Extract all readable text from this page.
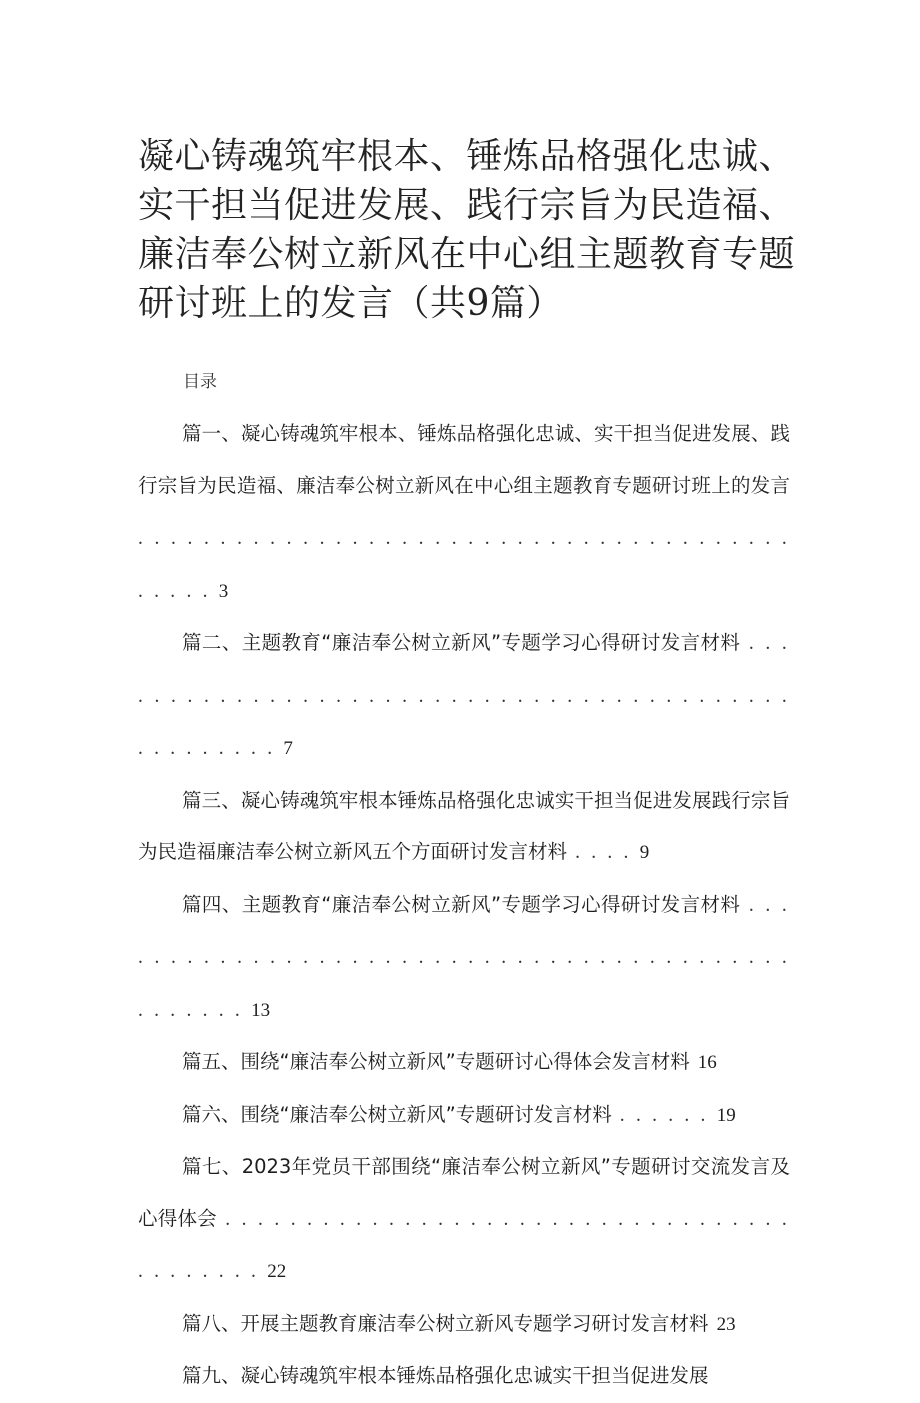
凝心铸魂筑牢根本、锤炼品格强化忠诚、实干担当促进发展、践行宗旨为民造福、廉洁奉公树立新风在中心组主题教育专题研讨班上的发言（共9篇）

目录

篇一、凝心铸魂筑牢根本、锤炼品格强化忠诚、实干担当促进发展、践行宗旨为民造福、廉洁奉公树立新风在中心组主题教育专题研讨班上的发言 . . . . . . . . . . . . . . . . . . . . . . . . . . . . . . . . . . . . . . . . . . . . . 3
篇二、主题教育“廉洁奉公树立新风”专题学习心得研讨发言材料 . . . . . . . . . . . . . . . . . . . . . . . . . . . . . . . . . . . . . . . . . . . . . . . . . . . . 7
篇三、凝心铸魂筑牢根本锤炼品格强化忠诚实干担当促进发展践行宗旨为民造福廉洁奉公树立新风五个方面研讨发言材料 . . . . 9
篇四、主题教育“廉洁奉公树立新风”专题学习心得研讨发言材料 . . . . . . . . . . . . . . . . . . . . . . . . . . . . . . . . . . . . . . . . . . . . . . . . . . 13
篇五、围绕“廉洁奉公树立新风”专题研讨心得体会发言材料 16
篇六、围绕“廉洁奉公树立新风”专题研讨发言材料 . . . . . . 19
篇七、2023年党员干部围绕“廉洁奉公树立新风”专题研讨交流发言及心得体会 . . . . . . . . . . . . . . . . . . . . . . . . . . . . . . . . . . . . . . . . . . . 22
篇八、开展主题教育廉洁奉公树立新风专题学习研讨发言材料 23
篇九、凝心铸魂筑牢根本锤炼品格强化忠诚实干担当促进发展
